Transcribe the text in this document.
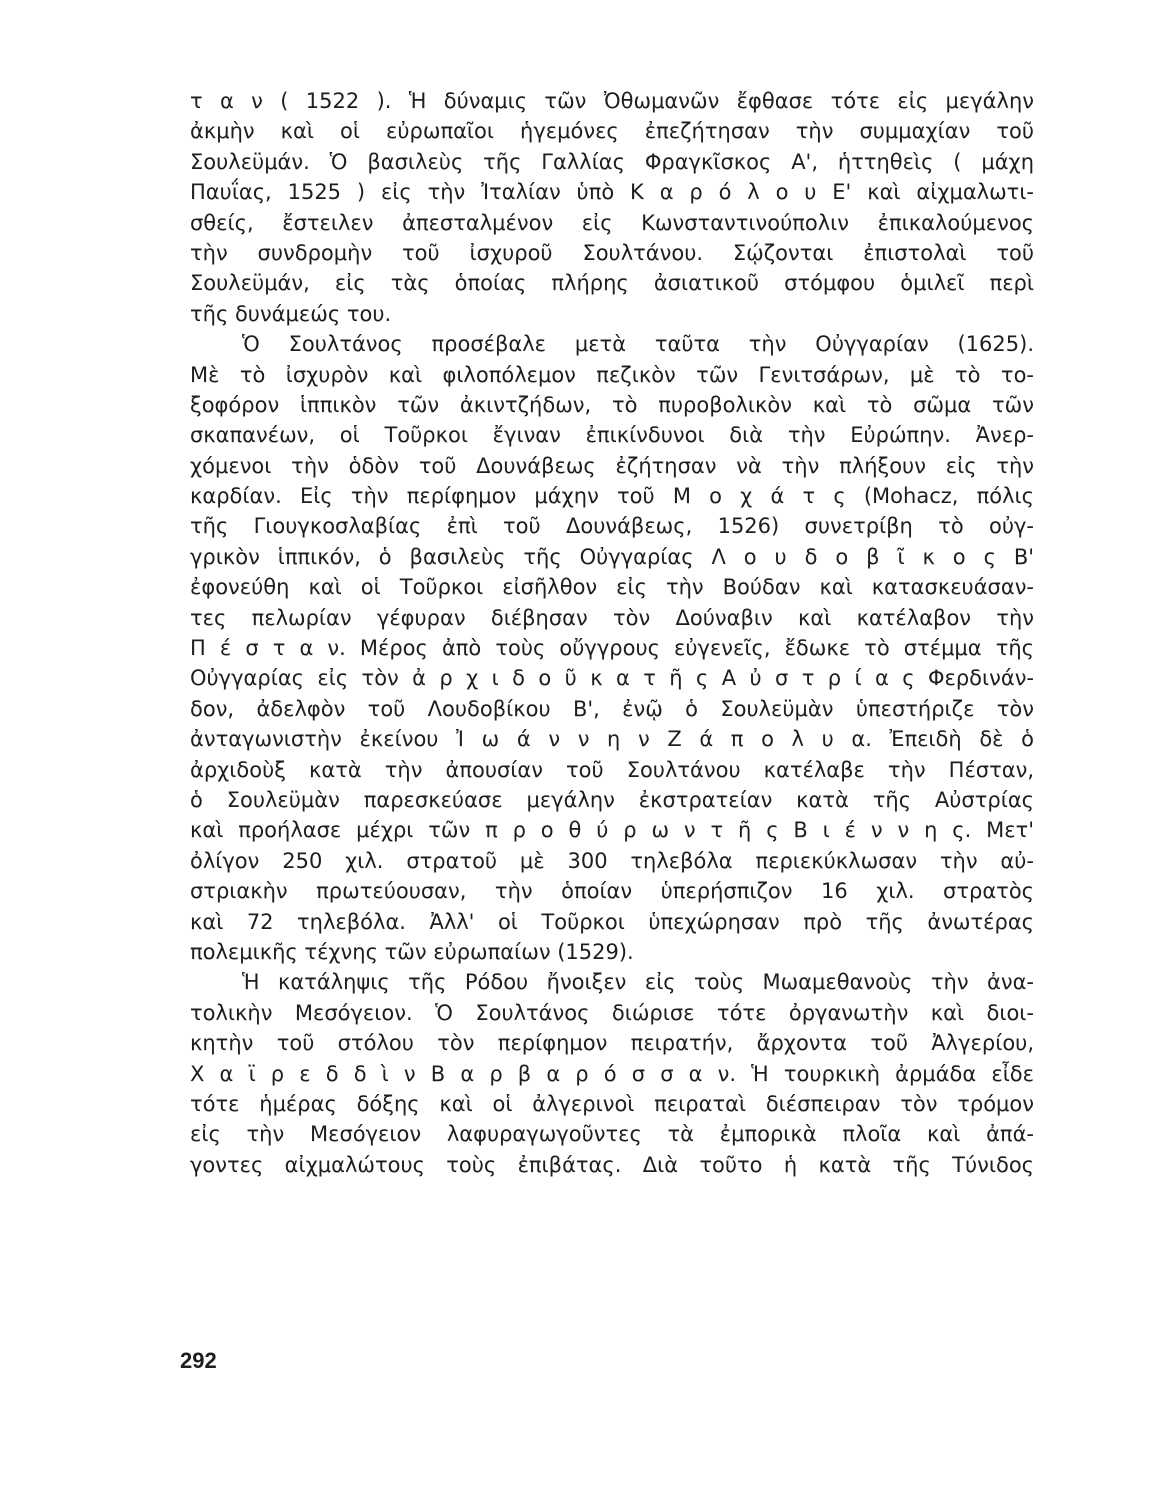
τ α ν ( 1522 ). Ἡ δύναμις τῶν Ὀθωμανῶν ἔφθασε τότε εἰς μεγάλην
ἀκμὴν καὶ οἱ εὐρωπαῖοι ἡγεμόνες ἐπεζήτησαν τὴν συμμαχίαν τοῦ
Σουλεϋμάν. Ὁ βασιλεὺς τῆς Γαλλίας Φραγκῖσκος Α', ἡττηθεὶς ( μάχη
Παυΐας, 1525 ) εἰς τὴν Ἰταλίαν ὑπὸ Κ α ρ ό λ ο υ Ε' καὶ αἰχμαλωτι-
σθείς, ἔστειλεν ἀπεσταλμένον εἰς Κωνσταντινούπολιν ἐπικαλούμενος
τὴν συνδρομὴν τοῦ ἰσχυροῦ Σουλτάνου. Σῴζονται ἐπιστολαὶ τοῦ
Σουλεϋμάν, εἰς τὰς ὁποίας πλήρης ἀσιατικοῦ στόμφου ὁμιλεῖ περὶ
τῆς δυνάμεώς του.
Ὁ Σουλτάνος προσέβαλε μετὰ ταῦτα τὴν Οὐγγαρίαν (1625).
Μὲ τὸ ἰσχυρὸν καὶ φιλοπόλεμον πεζικὸν τῶν Γενιτσάρων, μὲ τὸ το-
ξοφόρον ἱππικὸν τῶν ἀκιντζήδων, τὸ πυροβολικὸν καὶ τὸ σῶμα τῶν
σκαπανέων, οἱ Τοῦρκοι ἔγιναν ἐπικίνδυνοι διὰ τὴν Εὐρώπην. Ἀνερ-
χόμενοι τὴν ὁδὸν τοῦ Δουνάβεως ἐζήτησαν νὰ τὴν πλήξουν εἰς τὴν
καρδίαν. Εἰς τὴν περίφημον μάχην τοῦ Μ ο χ ά τ ς (Mohacz, πόλις
τῆς Γιουγκοσλαβίας ἐπὶ τοῦ Δουνάβεως, 1526) συνετρίβη τὸ οὐγ-
γρικὸν ἱππικόν, ὁ βασιλεὺς τῆς Οὐγγαρίας Λ ο υ δ ο β ῖ κ ο ς Β'
ἐφονεύθη καὶ οἱ Τοῦρκοι εἰσῆλθον εἰς τὴν Βούδαν καὶ κατασκευάσαν-
τες πελωρίαν γέφυραν διέβησαν τὸν Δούναβιν καὶ κατέλαβον τὴν
Π έ σ τ α ν. Μέρος ἀπὸ τοὺς οὔγγρους εὐγενεῖς, ἔδωκε τὸ στέμμα τῆς
Οὐγγαρίας εἰς τὸν ἀ ρ χ ι δ ο ῦ κ α τ ῆ ς Α ὐ σ τ ρ ί α ς Φερδινάν-
δον, ἀδελφὸν τοῦ Λουδοβίκου Β', ἐνῷ ὁ Σουλεϋμὰν ὑπεστήριζε τὸν
ἀνταγωνιστὴν ἐκείνου Ἰ ω ά ν ν η ν Ζ ά π ο λ υ α. Ἐπειδὴ δὲ ὁ
ἀρχιδοὺξ κατὰ τὴν ἀπουσίαν τοῦ Σουλτάνου κατέλαβε τὴν Πέσταν,
ὁ Σουλεϋμὰν παρεσκεύασε μεγάλην ἐκστρατείαν κατὰ τῆς Αὐστρίας
καὶ προήλασε μέχρι τῶν π ρ ο θ ύ ρ ω ν τ ῆ ς Β ι έ ν ν η ς. Μετ'
ὀλίγον 250 χιλ. στρατοῦ μὲ 300 τηλεβόλα περιεκύκλωσαν τὴν αὐ-
στριακὴν πρωτεύουσαν, τὴν ὁποίαν ὑπερήσπιζον 16 χιλ. στρατὸς
καὶ 72 τηλεβόλα. Ἀλλ' οἱ Τοῦρκοι ὑπεχώρησαν πρὸ τῆς ἀνωτέρας
πολεμικῆς τέχνης τῶν εὐρωπαίων (1529).
Ἡ κατάληψις τῆς Ρόδου ἤνοιξεν εἰς τοὺς Μωαμεθανοὺς τὴν ἀνα-
τολικὴν Μεσόγειον. Ὁ Σουλτάνος διώρισε τότε ὀργανωτὴν καὶ διοι-
κητὴν τοῦ στόλου τὸν περίφημον πειρατήν, ἄρχοντα τοῦ Ἀλγερίου,
Χ α ϊ ρ ε δ δ ὶ ν Β α ρ β α ρ ό σ σ α ν. Ἡ τουρκικὴ ἀρμάδα εἶδε
τότε ἡμέρας δόξης καὶ οἱ ἀλγερινοὶ πειραταὶ διέσπειραν τὸν τρόμον
εἰς τὴν Μεσόγειον λαφυραγωγοῦντες τὰ ἐμπορικὰ πλοῖα καὶ ἀπά-
γοντες αἰχμαλώτους τοὺς ἐπιβάτας. Διὰ τοῦτο ἡ κατὰ τῆς Τύνιδος
292
